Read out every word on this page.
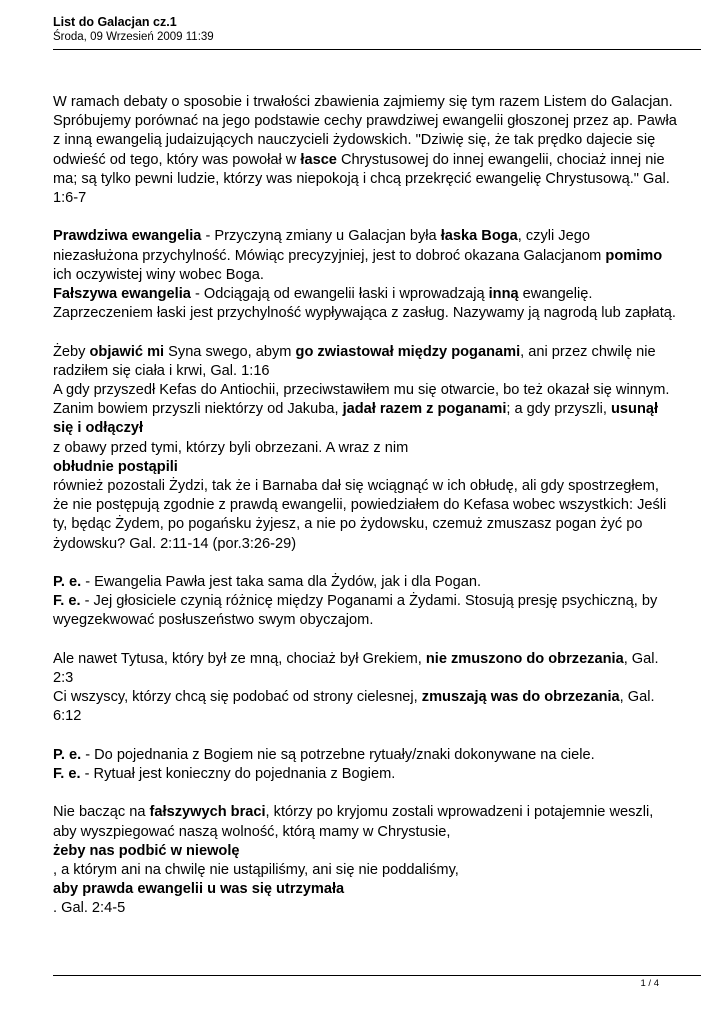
List do Galacjan cz.1

Środa, 09 Wrzesień 2009 11:39

W ramach debaty o sposobie i trwałości zbawienia zajmiemy się tym razem Listem do Galacjan. Spróbujemy porównać na jego podstawie cechy prawdziwej ewangelii głoszonej przez ap. Pawła z inną ewangelią judaizujących nauczycieli żydowskich. "Dziwię się, że tak prędko dajecie się odwieść od tego, który was powołał w łasce Chrystusowej do innej ewangelii, chociaż innej nie ma; są tylko pewni ludzie, którzy was niepokoją i chcą przekręcić ewangelię Chrystusową." Gal. 1:6-7

Prawdziwa ewangelia - Przyczyną zmiany u Galacjan była łaska Boga, czyli Jego niezasłużona przychylność. Mówiąc precyzyjniej, jest to dobroć okazana Galacjanom pomimo
ich oczywistej winy wobec Boga.

Fałszywa ewangelia - Odciągają od ewangelii łaski i wprowadzają inną ewangelię. Zaprzeczeniem łaski jest przychylność wypływająca z zasług. Nazywamy ją nagrodą lub zapłatą.

Żeby objawić mi Syna swego, abym go zwiastował między poganami, ani przez chwilę nie radziłem się ciała i krwi, Gal. 1:16

A gdy przyszedł Kefas do Antiochii, przeciwstawiłem mu się otwarcie, bo też okazał się winnym. Zanim bowiem przyszli niektórzy od Jakuba, jadał razem z poganami; a gdy przyszli, usunął się i odłączył
z obawy przed tymi, którzy byli obrzezani. A wraz z nim
obłudnie postąpili
również pozostali Żydzi, tak że i Barnaba dał się wciągnąć w ich obłudę, ali gdy spostrzegłem, że nie postępują zgodnie z prawdą ewangelii, powiedziałem do Kefasa wobec wszystkich: Jeśli ty, będąc Żydem, po pogańsku żyjesz, a nie po żydowsku, czemuż zmuszasz pogan żyć po żydowsku? Gal. 2:11-14 (por.3:26-29)

P. e. - Ewangelia Pawła jest taka sama dla Żydów, jak i dla Pogan.

F. e. - Jej głosiciele czynią różnicę między Poganami a Żydami. Stosują presję psychiczną, by wyegzekwować posłuszeństwo swym obyczajom.

Ale nawet Tytusa, który był ze mną, chociaż był Grekiem, nie zmuszono do obrzezania, Gal. 2:3

Ci wszyscy, którzy chcą się podobać od strony cielesnej, zmuszają was do obrzezania, Gal. 6:12

P. e. - Do pojednania z Bogiem nie są potrzebne rytuały/znaki dokonywane na ciele.

F. e. - Rytuał jest konieczny do pojednania z Bogiem.

Nie bacząc na fałszywych braci, którzy po kryjomu zostali wprowadzeni i potajemnie weszli, aby wyszpiegować naszą wolność, którą mamy w Chrystusie,
żeby nas podbić w niewolę
, a którym ani na chwilę nie ustąpiliśmy, ani się nie poddaliśmy,
aby prawda ewangelii u was się utrzymała
. Gal. 2:4-5

1 / 4
